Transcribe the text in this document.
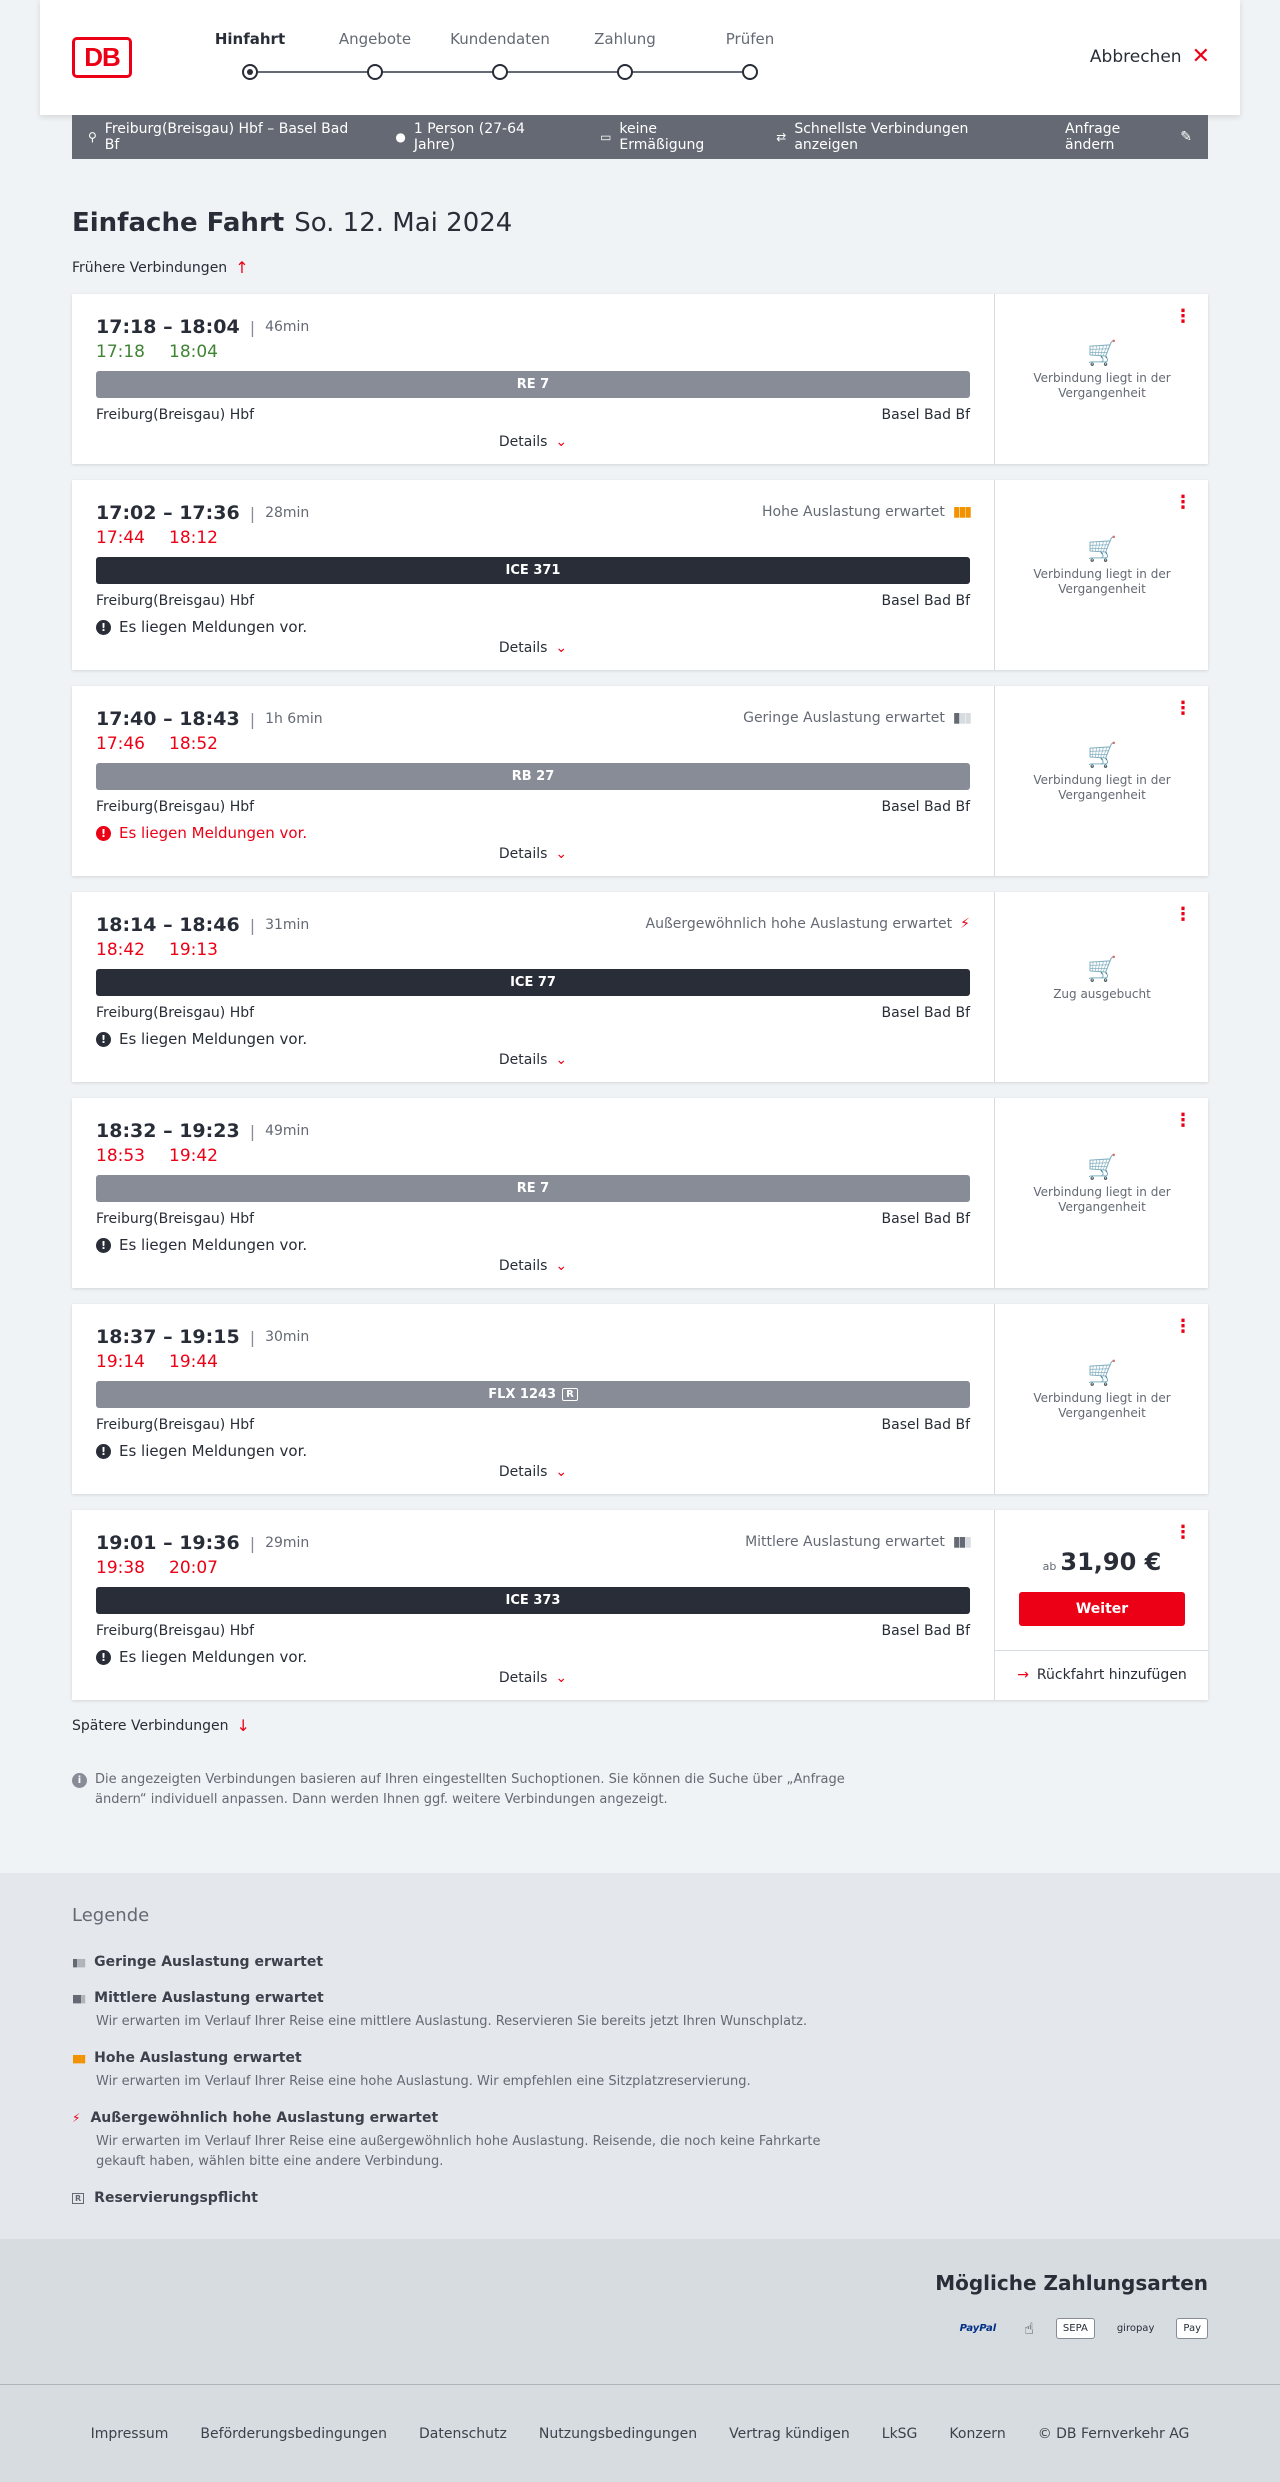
DB
Hinfahrt	Angebote	Kundendaten	Zahlung	Prüfen
Abbrechen ✕
⚲ Freiburg(Breisgau) Hbf – Basel Bad Bf	● 1 Person (27-64 Jahre)	▭ keine Ermäßigung	⇄ Schnellste Verbindungen anzeigen
Anfrage ändern	✎
Einfache Fahrt So. 12. Mai 2024
Frühere Verbindungen ↑
17:18 – 18:04 | 46min
17:18 18:04
RE 7
Freiburg(Breisgau) Hbf	Basel Bad Bf
Details ⌄
⋮
🛒
Verbindung liegt in der
Vergangenheit
17:02 – 17:36 | 28min	Hohe Auslastung erwartet ▮▮▮
17:44 18:12
ICE 371
Freiburg(Breisgau) Hbf	Basel Bad Bf
! Es liegen Meldungen vor.
Details ⌄
⋮
🛒
Verbindung liegt in der
Vergangenheit
17:40 – 18:43 | 1h 6min	Geringe Auslastung erwartet ▮▮▮
17:46 18:52
RB 27
Freiburg(Breisgau) Hbf	Basel Bad Bf
! Es liegen Meldungen vor.
Details ⌄
⋮
🛒
Verbindung liegt in der
Vergangenheit
18:14 – 18:46 | 31min	Außergewöhnlich hohe Auslastung erwartet ⚡
18:42 19:13
ICE 77
Freiburg(Breisgau) Hbf	Basel Bad Bf
! Es liegen Meldungen vor.
Details ⌄
⋮
🛒
Zug ausgebucht
18:32 – 19:23 | 49min
18:53 19:42
RE 7
Freiburg(Breisgau) Hbf	Basel Bad Bf
! Es liegen Meldungen vor.
Details ⌄
⋮
🛒
Verbindung liegt in der
Vergangenheit
18:37 – 19:15 | 30min
19:14 19:44
FLX 1243	R
Freiburg(Breisgau) Hbf	Basel Bad Bf
! Es liegen Meldungen vor.
Details ⌄
⋮
🛒
Verbindung liegt in der
Vergangenheit
19:01 – 19:36 | 29min	Mittlere Auslastung erwartet ▮▮▮
19:38 20:07
ICE 373
Freiburg(Breisgau) Hbf	Basel Bad Bf
! Es liegen Meldungen vor.
Details ⌄
⋮
ab 31,90 €
Weiter
→ Rückfahrt hinzufügen
Spätere Verbindungen ↓
i	Die angezeigten Verbindungen basieren auf Ihren eingestellten Suchoptionen. Sie können die Suche über „Anfrage ändern“ individuell anpassen. Dann werden Ihnen ggf. weitere Verbindungen angezeigt.
Legende
▮▮▮ Geringe Auslastung erwartet
▮▮▮ Mittlere Auslastung erwartet
Wir erwarten im Verlauf Ihrer Reise eine mittlere Auslastung. Reservieren Sie bereits jetzt Ihren Wunschplatz.
▮▮▮ Hohe Auslastung erwartet
Wir erwarten im Verlauf Ihrer Reise eine hohe Auslastung. Wir empfehlen eine Sitzplatzreservierung.
⚡ Außergewöhnlich hohe Auslastung erwartet
Wir erwarten im Verlauf Ihrer Reise eine außergewöhnlich hohe Auslastung. Reisende, die noch keine Fahrkarte gekauft haben, wählen bitte eine andere Verbindung.
R Reservierungspflicht
Mögliche Zahlungsarten
PayPal	☝	SEPA	giropay	Pay
Impressum Beförderungsbedingungen Datenschutz Nutzungsbedingungen Vertrag kündigen LkSG Konzern © DB Fernverkehr AG
